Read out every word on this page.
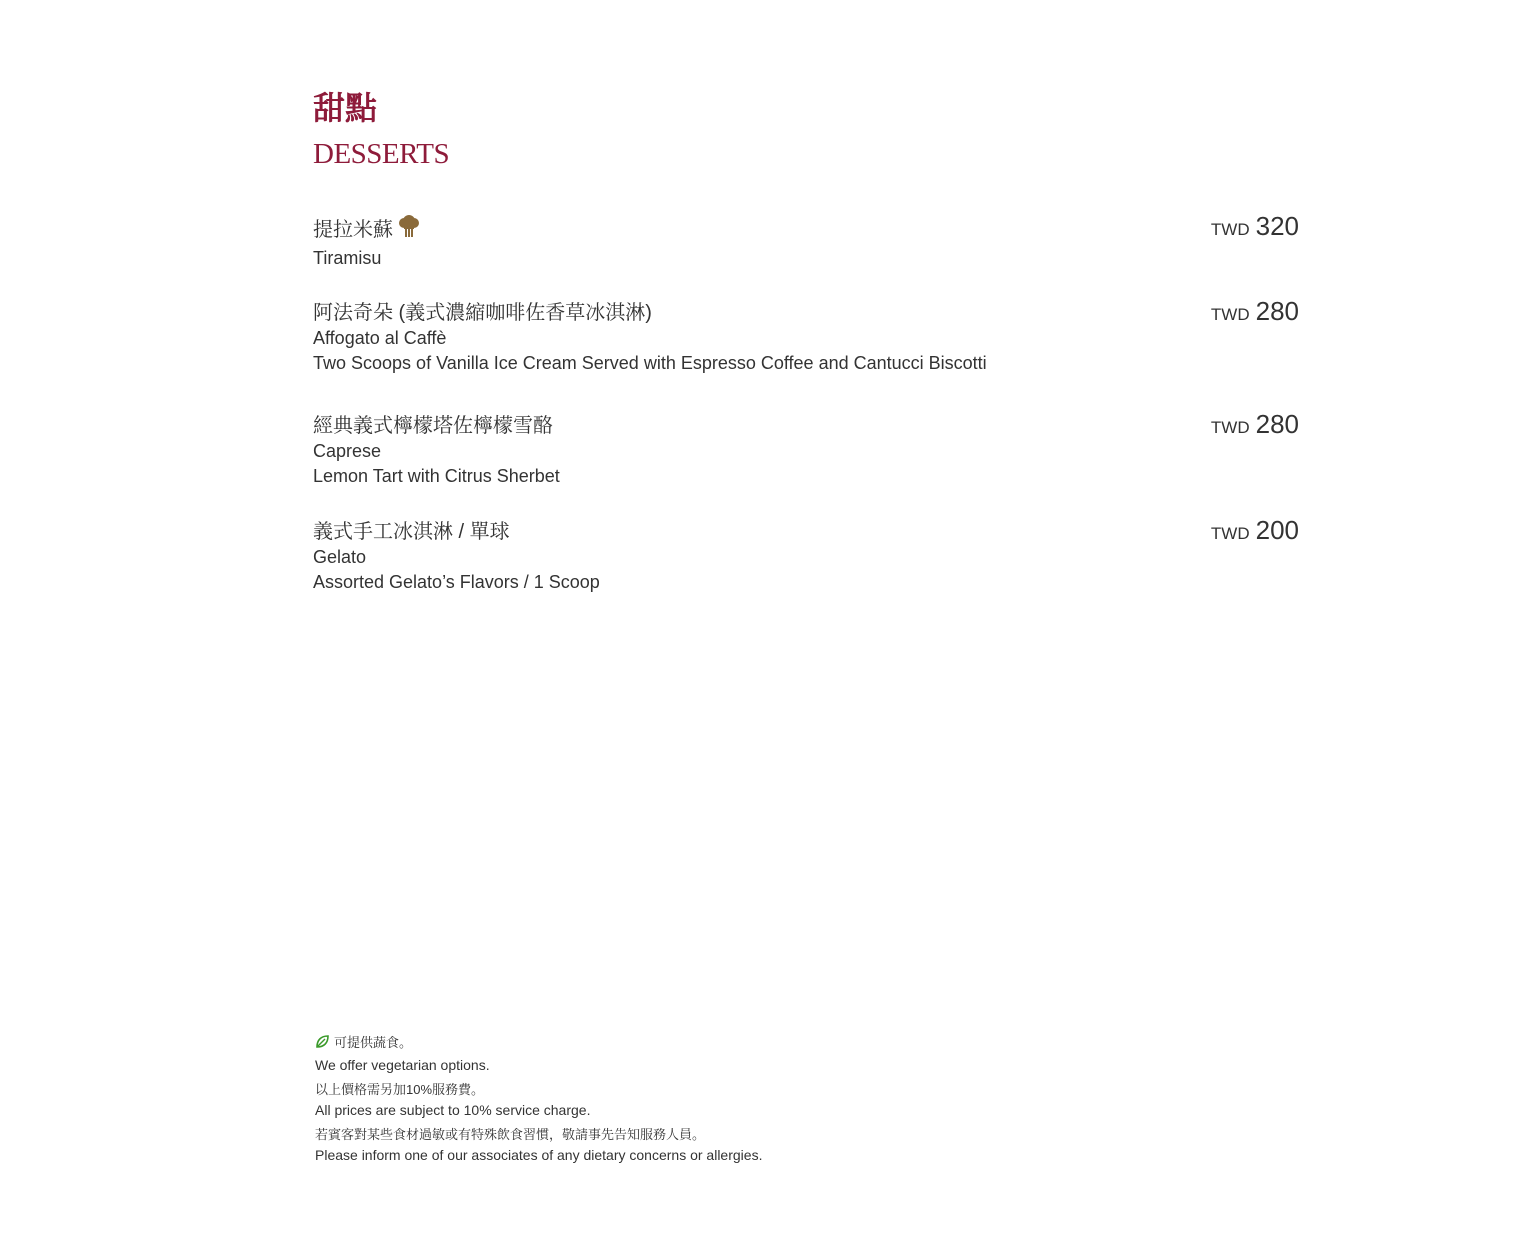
甜點
DESSERTS
提拉米蘇
Tiramisu
TWD 320
阿法奇朵 (義式濃縮咖啡佐香草冰淇淋)
Affogato al Caffè
Two Scoops of Vanilla Ice Cream Served with Espresso Coffee and Cantucci Biscotti
TWD 280
經典義式檸檬塔佐檸檬雪酪
Caprese
Lemon Tart with Citrus Sherbet
TWD 280
義式手工冰淇淋 / 單球
Gelato
Assorted Gelato’s Flavors / 1 Scoop
TWD 200
可提供蔬食。
We offer vegetarian options.
以上價格需另加10%服務費。
All prices are subject to 10% service charge.
若賓客對某些食材過敏或有特殊飲食習慣，敬請事先告知服務人員。
Please inform one of our associates of any dietary concerns or allergies.
